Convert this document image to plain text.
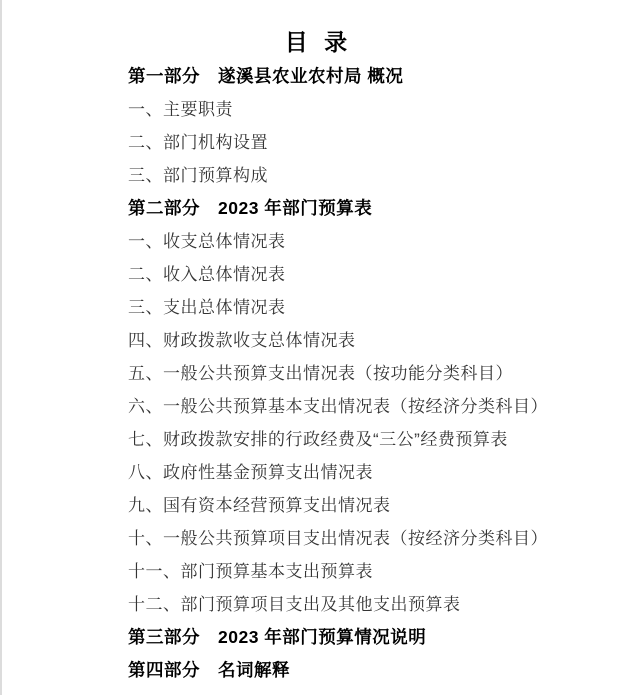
目 录
第一部分　遂溪县农业农村局 概况
一、主要职责
二、部门机构设置
三、部门预算构成
第二部分　2023 年部门预算表
一、收支总体情况表
二、收入总体情况表
三、支出总体情况表
四、财政拨款收支总体情况表
五、一般公共预算支出情况表（按功能分类科目）
六、一般公共预算基本支出情况表（按经济分类科目）
七、财政拨款安排的行政经费及“三公”经费预算表
八、政府性基金预算支出情况表
九、国有资本经营预算支出情况表
十、一般公共预算项目支出情况表（按经济分类科目）
十一、部门预算基本支出预算表
十二、部门预算项目支出及其他支出预算表
第三部分　2023 年部门预算情况说明
第四部分　名词解释
